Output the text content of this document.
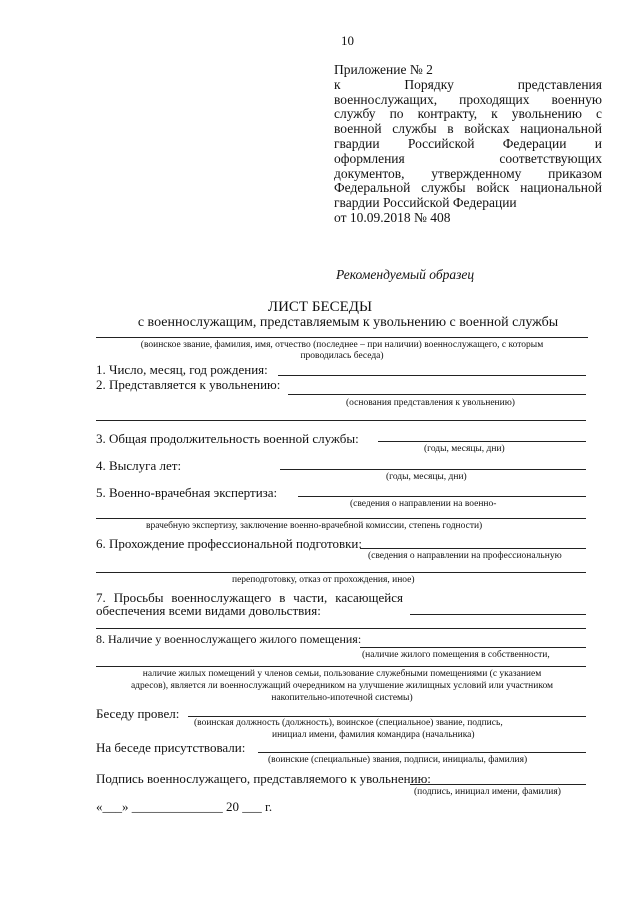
10
Приложение № 2
к Порядку представления
военнослужащих, проходящих военную
службу по контракту, к увольнению с
военной службы в войсках национальной
гвардии Российской Федерации и
оформления соответствующих
документов, утвержденному приказом
Федеральной службы войск национальной
гвардии Российской Федерации
от 10.09.2018 № 408
Рекомендуемый образец
ЛИСТ БЕСЕДЫ
с военнослужащим, представляемым к увольнению с военной службы
(воинское звание, фамилия, имя, отчество (последнее – при наличии) военнослужащего, с которым
проводилась беседа)
1. Число, месяц, год рождения:
2. Представляется к увольнению:
(основания представления к увольнению)
3. Общая продолжительность военной службы:
(годы, месяцы, дни)
4. Выслуга лет:
(годы, месяцы, дни)
5. Военно-врачебная экспертиза:
(сведения о направлении на военно-
врачебную экспертизу, заключение военно-врачебной комиссии, степень годности)
6. Прохождение профессиональной подготовки:
(сведения о направлении на профессиональную
переподготовку, отказ от прохождения, иное)
7. Просьбы военнослужащего в части, касающейся
обеспечения всеми видами довольствия:
8. Наличие у военнослужащего жилого помещения:
(наличие жилого помещения в собственности,
наличие жилых помещений у членов семьи, пользование служебными помещениями (с указанием
адресов), является ли военнослужащий очередником на улучшение жилищных условий или участником
накопительно-ипотечной системы)
Беседу провел:
(воинская должность (должность), воинское (специальное) звание, подпись,
инициал имени, фамилия командира (начальника)
На беседе присутствовали:
(воинские (специальные) звания, подписи, инициалы, фамилия)
Подпись военнослужащего, представляемого к увольнению:
(подпись, инициал имени, фамилия)
«___» ______________ 20 ___ г.
